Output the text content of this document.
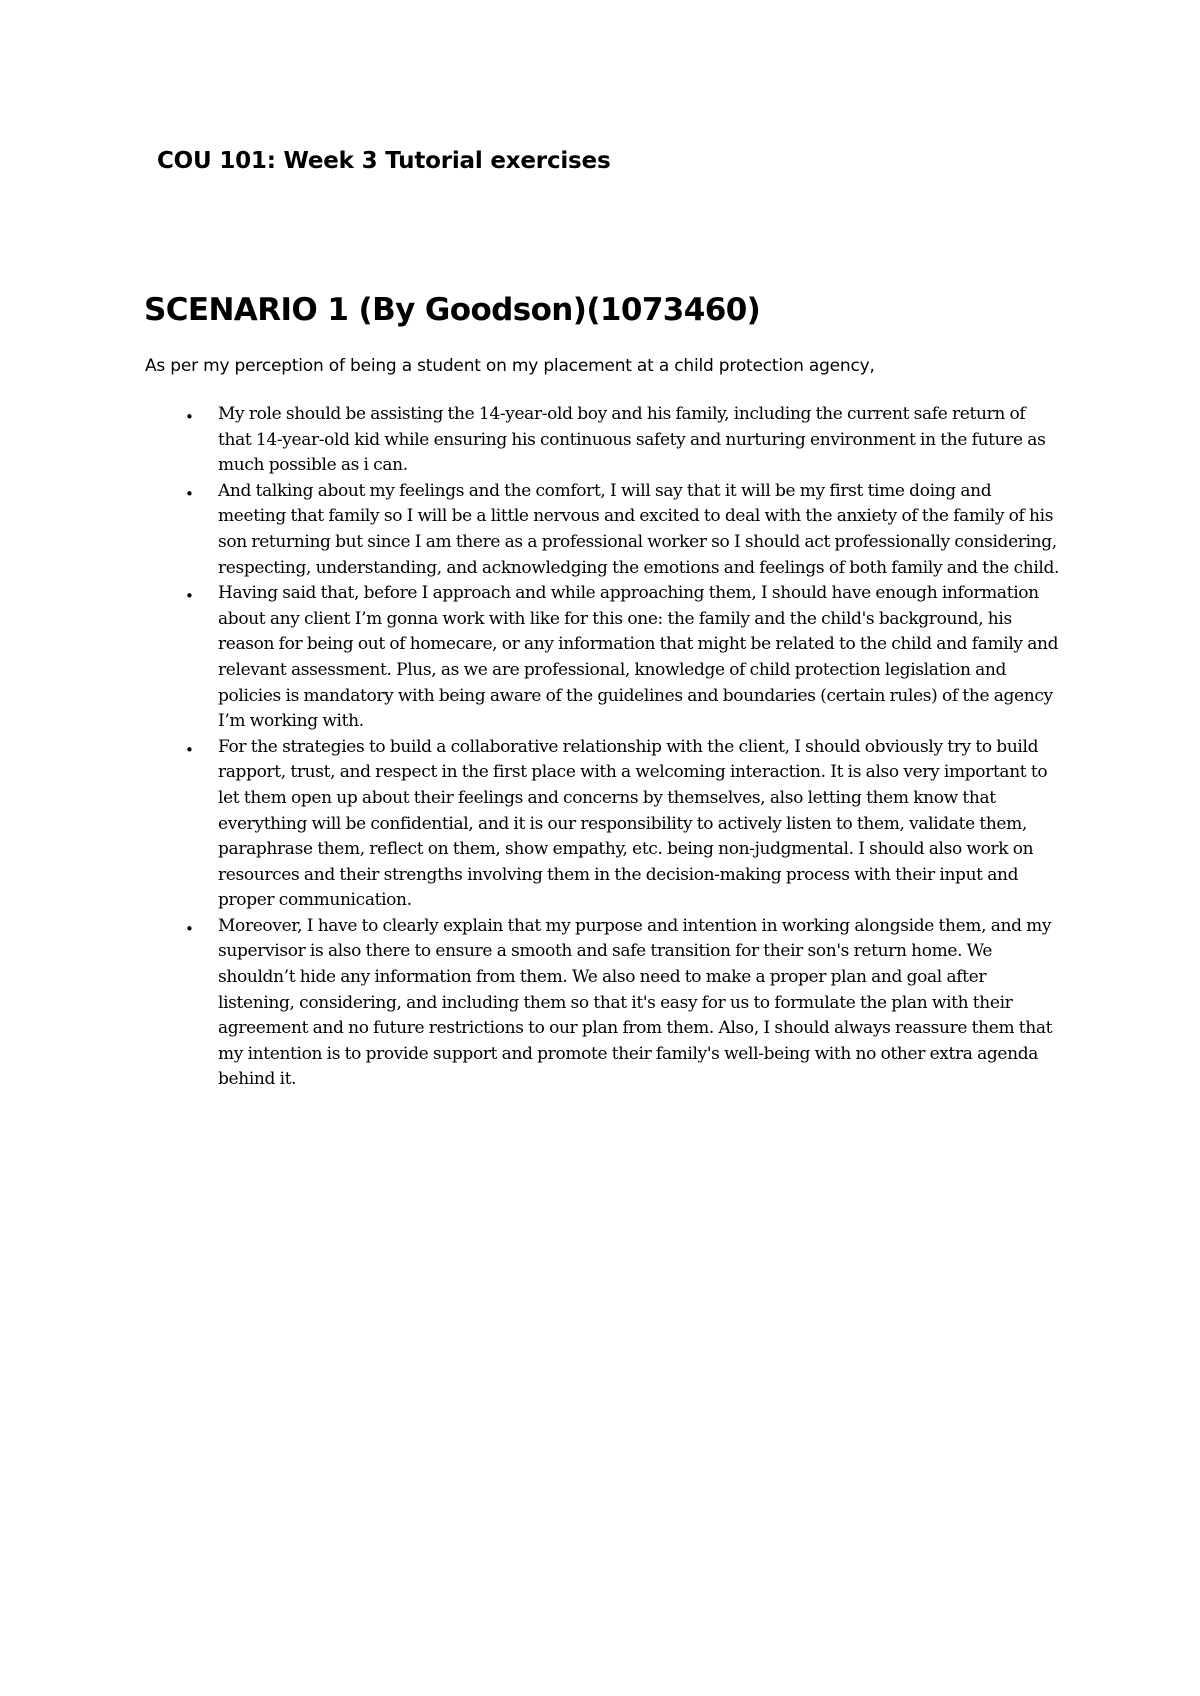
COU 101: Week 3 Tutorial exercises
SCENARIO 1 (By Goodson)(1073460)

As per my perception of being a student on my placement at a child protection agency,

• My role should be assisting the 14-year-old boy and his family, including the current safe return of that 14-year-old kid while ensuring his continuous safety and nurturing environment in the future as much possible as i can.
• And talking about my feelings and the comfort, I will say that it will be my first time doing and meeting that family so I will be a little nervous and excited to deal with the anxiety of the family of his son returning but since I am there as a professional worker so I should act professionally considering, respecting, understanding, and acknowledging the emotions and feelings of both family and the child.
• Having said that, before I approach and while approaching them, I should have enough information about any client I’m gonna work with like for this one: the family and the child's background, his reason for being out of homecare, or any information that might be related to the child and family and relevant assessment. Plus, as we are professional, knowledge of child protection legislation and policies is mandatory with being aware of the guidelines and boundaries (certain rules) of the agency I’m working with.
• For the strategies to build a collaborative relationship with the client, I should obviously try to build rapport, trust, and respect in the first place with a welcoming interaction. It is also very important to let them open up about their feelings and concerns by themselves, also letting them know that everything will be confidential, and it is our responsibility to actively listen to them, validate them, paraphrase them, reflect on them, show empathy, etc. being non-judgmental. I should also work on resources and their strengths involving them in the decision-making process with their input and proper communication.
• Moreover, I have to clearly explain that my purpose and intention in working alongside them, and my supervisor is also there to ensure a smooth and safe transition for their son's return home. We shouldn’t hide any information from them. We also need to make a proper plan and goal after listening, considering, and including them so that it's easy for us to formulate the plan with their agreement and no future restrictions to our plan from them. Also, I should always reassure them that my intention is to provide support and promote their family's well-being with no other extra agenda behind it.
